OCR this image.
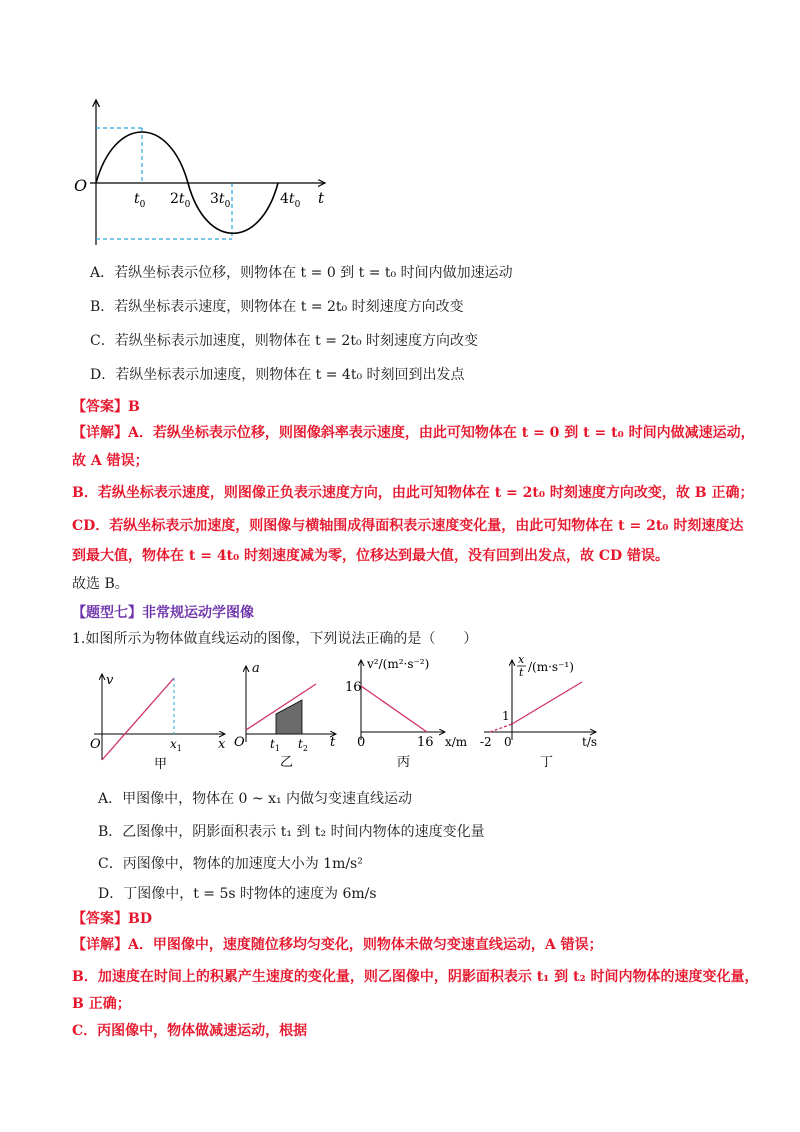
O
t
$t_0$ $2t_0$ $3t_0$	$4t_0$
A．若纵坐标表示位移，则物体在 t = 0 到 t = t₀ 时间内做加速运动
B．若纵坐标表示速度，则物体在 t = 2t₀ 时刻速度方向改变
C．若纵坐标表示加速度，则物体在 t = 2t₀ 时刻速度方向改变
D．若纵坐标表示加速度，则物体在 t = 4t₀ 时刻回到出发点
【答案】B
【详解】A．若纵坐标表示位移，则图像斜率表示速度，由此可知物体在 t = 0 到 t = t₀ 时间内做减速运动，
故 A 错误；
B．若纵坐标表示速度，则图像正负表示速度方向，由此可知物体在 t = 2t₀ 时刻速度方向改变，故 B 正确；
CD．若纵坐标表示加速度，则图像与横轴围成得面积表示速度变化量，由此可知物体在 t = 2t₀ 时刻速度达
到最大值，物体在 t = 4t₀ 时刻速度减为零，位移达到最大值，没有回到出发点，故 CD 错误。
故选 B。
【题型七】非常规运动学图像
1.如图所示为物体做直线运动的图像，下列说法正确的是（　　）
v
O	x
$x_1$
甲
a
O	t
$t_1$ $t_2$
乙
v²/(m²·s⁻²)
16
0	16 x/m
丙
x
t /(m·s⁻¹)
1
-2 0	t/s
丁
A．甲图像中，物体在 0 ~ x₁ 内做匀变速直线运动
B．乙图像中，阴影面积表示 t₁ 到 t₂ 时间内物体的速度变化量
C．丙图像中，物体的加速度大小为 1m/s²
D．丁图像中，t = 5s 时物体的速度为 6m/s
【答案】BD
【详解】A．甲图像中，速度随位移均匀变化，则物体未做匀变速直线运动，A 错误；
B．加速度在时间上的积累产生速度的变化量，则乙图像中，阴影面积表示 t₁ 到 t₂ 时间内物体的速度变化量，
B 正确；
C．丙图像中，物体做减速运动，根据
